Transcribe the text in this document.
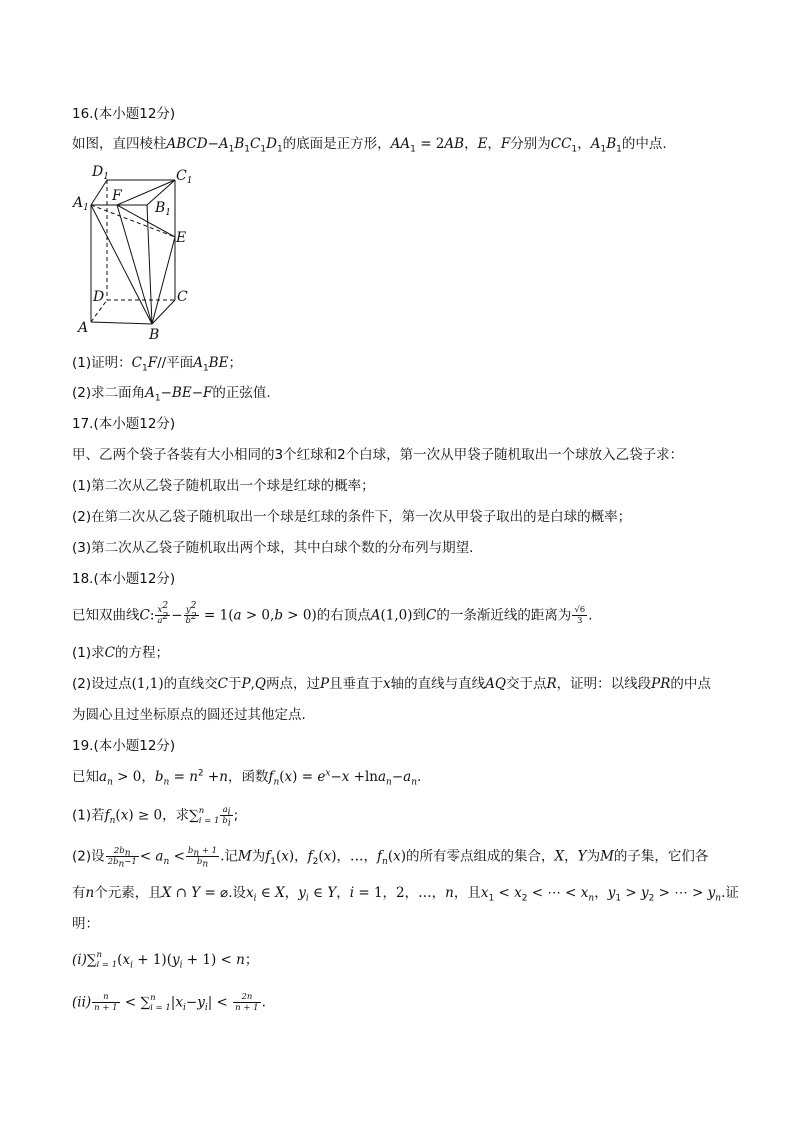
16.(本小题12分)
如图，直四棱柱$ABCD-A_1B_1C_1D_1$的底面是正方形，$AA_1 = 2AB$，E，F分别为$CC_1$，$A_1B_1$的中点.
$D_1$	$C_1$
$A_1$
F
$B_1$
E
D	C
A	B
(1)证明：$C_1F//$平面$A_1BE$；
(2)求二面角$A_1-BE-F$的正弦值.
17.(本小题12分)
甲、乙两个袋子各装有大小相同的3个红球和2个白球，第一次从甲袋子随机取出一个球放入乙袋子求：
(1)第二次从乙袋子随机取出一个球是红球的概率；
(2)在第二次从乙袋子随机取出一个球是红球的条件下，第一次从甲袋子取出的是白球的概率；
(3)第二次从乙袋子随机取出两个球，其中白球个数的分布列与期望.
18.(本小题12分)
已知双曲线C: $\frac{x^2}{a^2} - \frac{y^2}{b^2} = 1(a > 0,b > 0)$的右顶点A(1,0)到C的一条渐近线的距离为 $\frac{√6}{3}$ .
(1)求C的方程；
(2)设过点(1,1)的直线交C于P,Q两点，过P且垂直于x轴的直线与直线AQ交于点R，证明：以线段PR的中点
为圆心且过坐标原点的圆还过其他定点.
19.(本小题12分)
已知$a_n > 0$，$b_n = n^2 +n$，函数$f_n(x) = e^x-x +\ln a_n-a_n$.
(1)若$f_n(x) \ge 0$，求∑ n
$i = 1 \frac{a_i}{b_i}$ ;
(2)设 $\frac{2b_n}{2b_n-1} < a_n < \frac{b_n + 1}{b_n}$ .记M为$f_1(x)$，$f_2(x)$，…，$f_n(x)$的所有零点组成的集合，X，Y为M的子集，它们各
有n个元素，且X ∩ Y = ⌀.设$x_i$ ∈ X，$y_i$ ∈ Y，i = 1，2，…，n，且$x_1 < x_2$ < ⋯ < $x_n$，$y_1 > y_2$ > ⋯ > $y_n$.证
明：
(i)∑ n
i = 1 $(x_i + 1)(y_i + 1) < n$；
$(ii) \frac{n}{n + 1}$ < ∑ n
i = 1 $|x_i-y_i| < \frac{2n}{n + 1}$ .
